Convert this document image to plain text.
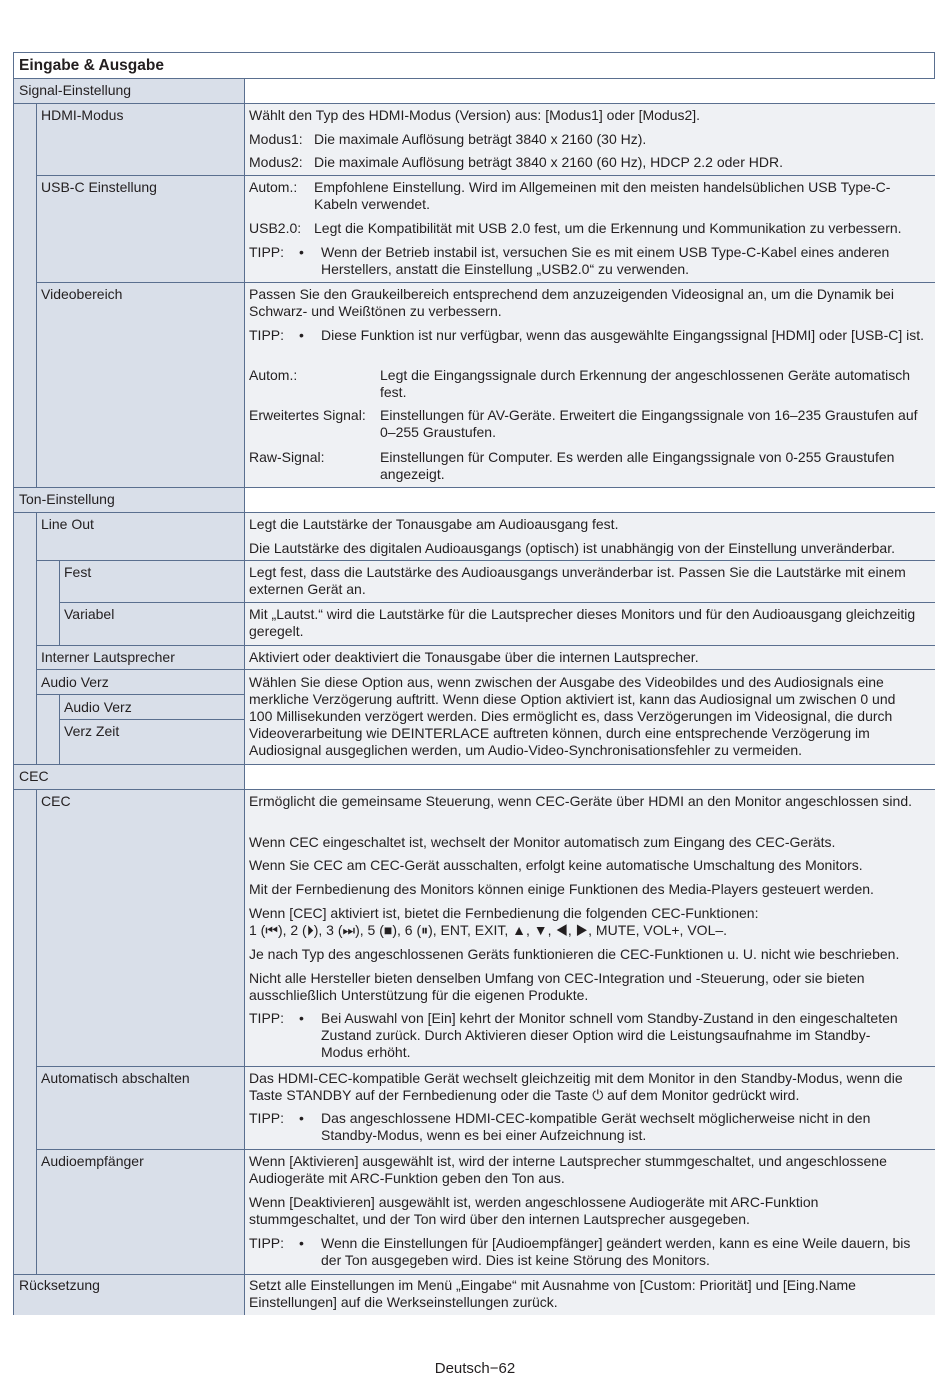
Eingabe & Ausgabe
Signal-Einstellung
HDMI-Modus
USB-C Einstellung
Videobereich
Ton-Einstellung
Line Out
Fest
Variabel
Interner Lautsprecher
Audio Verz
Audio Verz
Verz Zeit
CEC
CEC
Automatisch abschalten
Audioempfänger
Rücksetzung
Wählt den Typ des HDMI-Modus (Version) aus: [Modus1] oder [Modus2].
Modus1: Die maximale Auflösung beträgt 3840 x 2160 (30 Hz).
Modus2: Die maximale Auflösung beträgt 3840 x 2160 (60 Hz), HDCP 2.2 oder HDR.
Autom.: Empfohlene Einstellung. Wird im Allgemeinen mit den meisten handelsüblichen USB Type-C-Kabeln verwendet.
USB2.0: Legt die Kompatibilität mit USB 2.0 fest, um die Erkennung und Kommunikation zu verbessern.
TIPP: • Wenn der Betrieb instabil ist, versuchen Sie es mit einem USB Type-C-Kabel eines anderen Herstellers, anstatt die Einstellung „USB2.0“ zu verwenden.
Passen Sie den Graukeilbereich entsprechend dem anzuzeigenden Videosignal an, um die Dynamik bei Schwarz- und Weißtönen zu verbessern.
TIPP: • Diese Funktion ist nur verfügbar, wenn das ausgewählte Eingangssignal [HDMI] oder [USB-C] ist.
Autom.:	Legt die Eingangssignale durch Erkennung der angeschlossenen Geräte automatisch fest.
Erweitertes Signal: Einstellungen für AV-Geräte. Erweitert die Eingangssignale von 16–235 Graustufen auf 0–255 Graustufen.
Raw-Signal:	Einstellungen für Computer. Es werden alle Eingangssignale von 0-255 Graustufen angezeigt.
Legt die Lautstärke der Tonausgabe am Audioausgang fest.
Die Lautstärke des digitalen Audioausgangs (optisch) ist unabhängig von der Einstellung unveränderbar.
Legt fest, dass die Lautstärke des Audioausgangs unveränderbar ist. Passen Sie die Lautstärke mit einem externen Gerät an.
Mit „Lautst.“ wird die Lautstärke für die Lautsprecher dieses Monitors und für den Audioausgang gleichzeitig geregelt.
Aktiviert oder deaktiviert die Tonausgabe über die internen Lautsprecher.
Wählen Sie diese Option aus, wenn zwischen der Ausgabe des Videobildes und des Audiosignals eine merkliche Verzögerung auftritt. Wenn diese Option aktiviert ist, kann das Audiosignal um zwischen 0 und 100 Millisekunden verzögert werden. Dies ermöglicht es, dass Verzögerungen im Videosignal, die durch Videoverarbeitung wie DEINTERLACE auftreten können, durch eine entsprechende Verzögerung im Audiosignal ausgeglichen werden, um Audio-Video-Synchronisationsfehler zu vermeiden.
Ermöglicht die gemeinsame Steuerung, wenn CEC-Geräte über HDMI an den Monitor angeschlossen sind.
Wenn CEC eingeschaltet ist, wechselt der Monitor automatisch zum Eingang des CEC-Geräts.
Wenn Sie CEC am CEC-Gerät ausschalten, erfolgt keine automatische Umschaltung des Monitors.
Mit der Fernbedienung des Monitors können einige Funktionen des Media-Players gesteuert werden.
Wenn [CEC] aktiviert ist, bietet die Fernbedienung die folgenden CEC-Funktionen:
1 (⏮), 2 (⏵), 3 (⏭), 5 (■), 6 (⏸), ENT, EXIT, ▲, ▼, ◀, ▶, MUTE, VOL+, VOL–.
Je nach Typ des angeschlossenen Geräts funktionieren die CEC-Funktionen u. U. nicht wie beschrieben.
Nicht alle Hersteller bieten denselben Umfang von CEC-Integration und -Steuerung, oder sie bieten ausschließlich Unterstützung für die eigenen Produkte.
TIPP: • Bei Auswahl von [Ein] kehrt der Monitor schnell vom Standby-Zustand in den eingeschalteten Zustand zurück. Durch Aktivieren dieser Option wird die Leistungsaufnahme im Standby-Modus erhöht.
Das HDMI-CEC-kompatible Gerät wechselt gleichzeitig mit dem Monitor in den Standby-Modus, wenn die Taste STANDBY auf der Fernbedienung oder die Taste ⏻ auf dem Monitor gedrückt wird.
TIPP: • Das angeschlossene HDMI-CEC-kompatible Gerät wechselt möglicherweise nicht in den Standby-Modus, wenn es bei einer Aufzeichnung ist.
Wenn [Aktivieren] ausgewählt ist, wird der interne Lautsprecher stummgeschaltet, und angeschlossene Audiogeräte mit ARC-Funktion geben den Ton aus.
Wenn [Deaktivieren] ausgewählt ist, werden angeschlossene Audiogeräte mit ARC-Funktion stummgeschaltet, und der Ton wird über den internen Lautsprecher ausgegeben.
TIPP: • Wenn die Einstellungen für [Audioempfänger] geändert werden, kann es eine Weile dauern, bis der Ton ausgegeben wird. Dies ist keine Störung des Monitors.
Setzt alle Einstellungen im Menü „Eingabe“ mit Ausnahme von [Custom: Priorität] und [Eing.Name Einstellungen] auf die Werkseinstellungen zurück.
Deutsch−62
